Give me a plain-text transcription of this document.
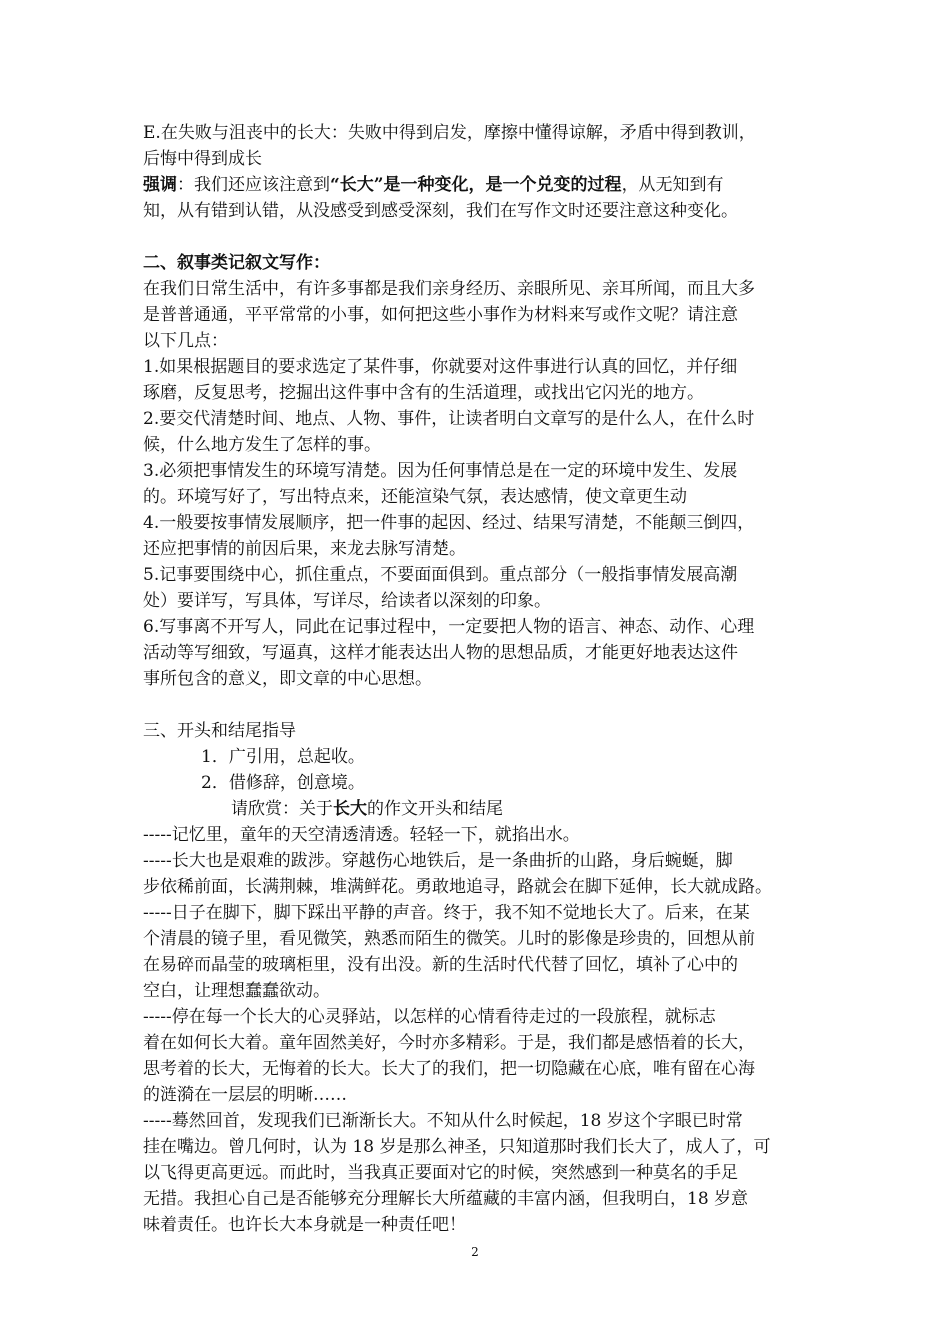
E.在失败与沮丧中的长大：失败中得到启发，摩擦中懂得谅解，矛盾中得到教训，
后悔中得到成长
强调：我们还应该注意到“长大”是一种变化，是一个兑变的过程，从无知到有
知，从有错到认错，从没感受到感受深刻，我们在写作文时还要注意这种变化。
二、叙事类记叙文写作：
在我们日常生活中，有许多事都是我们亲身经历、亲眼所见、亲耳所闻，而且大多
是普普通通，平平常常的小事，如何把这些小事作为材料来写或作文呢？请注意
以下几点：
1.如果根据题目的要求选定了某件事，你就要对这件事进行认真的回忆，并仔细
琢磨，反复思考，挖掘出这件事中含有的生活道理，或找出它闪光的地方。
2.要交代清楚时间、地点、人物、事件，让读者明白文章写的是什么人，在什么时
候，什么地方发生了怎样的事。
3.必须把事情发生的环境写清楚。因为任何事情总是在一定的环境中发生、发展
的。环境写好了，写出特点来，还能渲染气氛，表达感情，使文章更生动
4.一般要按事情发展顺序，把一件事的起因、经过、结果写清楚，不能颠三倒四，
还应把事情的前因后果，来龙去脉写清楚。
5.记事要围绕中心，抓住重点，不要面面俱到。重点部分（一般指事情发展高潮
处）要详写，写具体，写详尽，给读者以深刻的印象。
6.写事离不开写人，同此在记事过程中，一定要把人物的语言、神态、动作、心理
活动等写细致，写逼真，这样才能表达出人物的思想品质，才能更好地表达这件
事所包含的意义，即文章的中心思想。
三、开头和结尾指导
1．广引用，总起收。
2．借修辞，创意境。
请欣赏：关于长大的作文开头和结尾
-----记忆里，童年的天空清透清透。轻轻一下，就掐出水。
-----长大也是艰难的跋涉。穿越伤心地铁后，是一条曲折的山路，身后蜿蜒，脚
步依稀前面，长满荆棘，堆满鲜花。勇敢地追寻，路就会在脚下延伸，长大就成路。
-----日子在脚下，脚下踩出平静的声音。终于，我不知不觉地长大了。后来，在某
个清晨的镜子里，看见微笑，熟悉而陌生的微笑。儿时的影像是珍贵的，回想从前
在易碎而晶莹的玻璃柜里，没有出没。新的生活时代代替了回忆，填补了心中的
空白，让理想蠢蠢欲动。
-----停在每一个长大的心灵驿站，以怎样的心情看待走过的一段旅程，就标志
着在如何长大着。童年固然美好，今时亦多精彩。于是，我们都是感悟着的长大，
思考着的长大，无悔着的长大。长大了的我们，把一切隐藏在心底，唯有留在心海
的涟漪在一层层的明晰……
-----蓦然回首，发现我们已渐渐长大。不知从什么时候起，18 岁这个字眼已时常
挂在嘴边。曾几何时，认为 18 岁是那么神圣，只知道那时我们长大了，成人了，可
以飞得更高更远。而此时，当我真正要面对它的时候，突然感到一种莫名的手足
无措。我担心自己是否能够充分理解长大所蕴藏的丰富内涵，但我明白，18 岁意
味着责任。也许长大本身就是一种责任吧！
2
